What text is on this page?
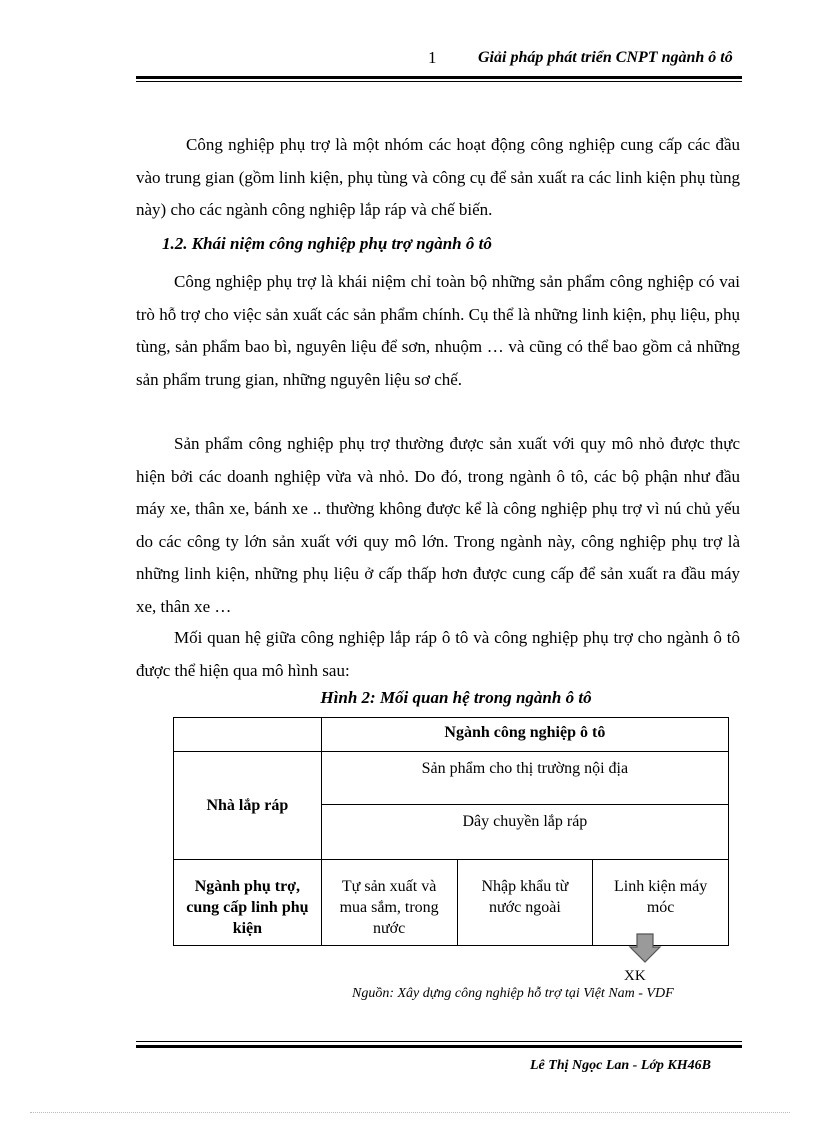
1	Giải pháp phát triển CNPT ngành ô tô
Công nghiệp phụ trợ là một nhóm các hoạt động công nghiệp cung cấp các đầu vào trung gian (gồm linh kiện, phụ tùng và công cụ để sản xuất ra các linh kiện phụ tùng này) cho các ngành công nghiệp lắp ráp và chế biến.
1.2. Khái niệm công nghiệp phụ trợ ngành ô tô
Công nghiệp phụ trợ là khái niệm chỉ toàn bộ những sản phẩm công nghiệp có vai trò hỗ trợ cho việc sản xuất các sản phẩm chính. Cụ thể là những linh kiện, phụ liệu, phụ tùng, sản phẩm bao bì, nguyên liệu để sơn, nhuộm … và cũng có thể bao gồm cả những sản phẩm trung gian, những nguyên liệu sơ chế.
Sản phẩm công nghiệp phụ trợ thường được sản xuất với quy mô nhỏ được thực hiện bởi các doanh nghiệp vừa và nhỏ. Do đó, trong ngành ô tô, các bộ phận như đầu máy xe, thân xe, bánh xe .. thường không được kể là công nghiệp phụ trợ vì nú chủ yếu do các công ty lớn sản xuất với quy mô lớn. Trong ngành này, công nghiệp phụ trợ là những linh kiện, những phụ liệu ở cấp thấp hơn được cung cấp để sản xuất ra đầu máy xe, thân xe …
Mối quan hệ giữa công nghiệp lắp ráp ô tô và công nghiệp phụ trợ cho ngành ô tô được thể hiện qua mô hình sau:
Hình 2: Mối quan hệ trong ngành ô tô
	Ngành công nghiệp ô tô		
Nhà lắp ráp	Sản phẩm cho thị trường nội địa		
	Dây chuyền lắp ráp		
Ngành phụ trợ, cung cấp linh phụ kiện	Tự sản xuất và mua sắm, trong nước	Nhập khẩu từ nước ngoài	Linh kiện máy móc
XK
Nguồn: Xây dựng công nghiệp hỗ trợ tại Việt Nam - VDF
Lê Thị Ngọc Lan - Lớp KH46B
